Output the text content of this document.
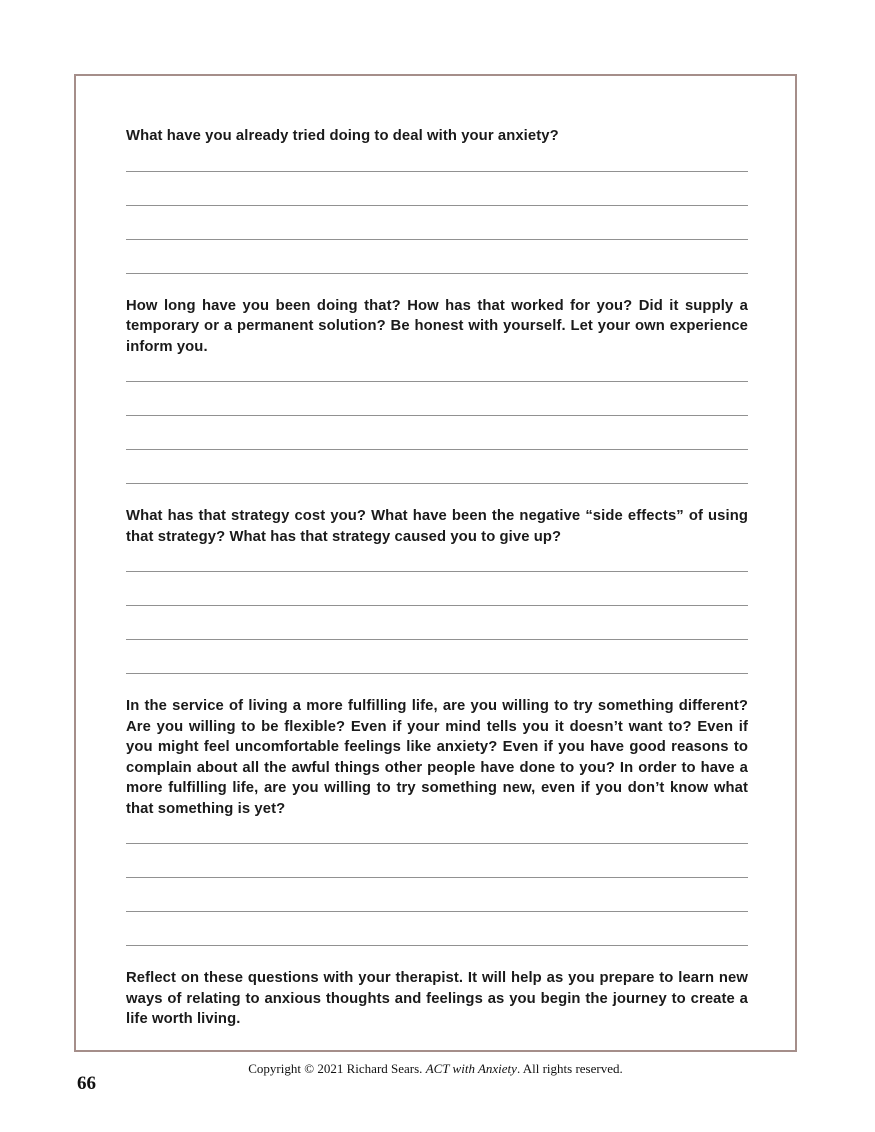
What have you already tried doing to deal with your anxiety?

How long have you been doing that? How has that worked for you? Did it supply a temporary or a permanent solution? Be honest with yourself. Let your own experience inform you.

What has that strategy cost you? What have been the negative “side effects” of using that strategy? What has that strategy caused you to give up?

In the service of living a more fulfilling life, are you willing to try something different? Are you willing to be flexible? Even if your mind tells you it doesn’t want to? Even if you might feel uncomfortable feelings like anxiety? Even if you have good reasons to complain about all the awful things other people have done to you? In order to have a more fulfilling life, are you willing to try something new, even if you don’t know what that something is yet?

Reflect on these questions with your therapist. It will help as you prepare to learn new ways of relating to anxious thoughts and feelings as you begin the journey to create a life worth living.

Copyright © 2021 Richard Sears. ACT with Anxiety. All rights reserved.
66
